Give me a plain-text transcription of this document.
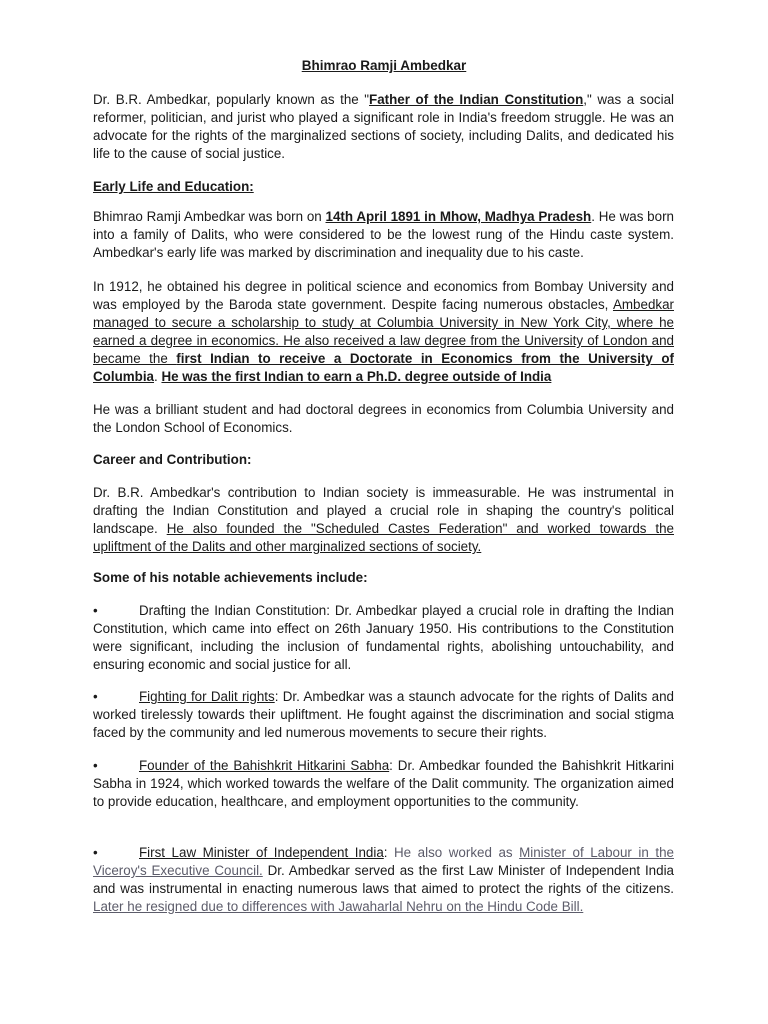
Bhimrao Ramji Ambedkar
Dr. B.R. Ambedkar, popularly known as the "Father of the Indian Constitution," was a social reformer, politician, and jurist who played a significant role in India's freedom struggle. He was an advocate for the rights of the marginalized sections of society, including Dalits, and dedicated his life to the cause of social justice.
Early Life and Education:
Bhimrao Ramji Ambedkar was born on 14th April 1891 in Mhow, Madhya Pradesh. He was born into a family of Dalits, who were considered to be the lowest rung of the Hindu caste system. Ambedkar's early life was marked by discrimination and inequality due to his caste.
In 1912, he obtained his degree in political science and economics from Bombay University and was employed by the Baroda state government. Despite facing numerous obstacles, Ambedkar managed to secure a scholarship to study at Columbia University in New York City, where he earned a degree in economics. He also received a law degree from the University of London and became the first Indian to receive a Doctorate in Economics from the University of Columbia. He was the first Indian to earn a Ph.D. degree outside of India
He was a brilliant student and had doctoral degrees in economics from Columbia University and the London School of Economics.
Career and Contribution:
Dr. B.R. Ambedkar's contribution to Indian society is immeasurable. He was instrumental in drafting the Indian Constitution and played a crucial role in shaping the country's political landscape. He also founded the "Scheduled Castes Federation" and worked towards the upliftment of the Dalits and other marginalized sections of society.
Some of his notable achievements include:
•	Drafting the Indian Constitution: Dr. Ambedkar played a crucial role in drafting the Indian Constitution, which came into effect on 26th January 1950. His contributions to the Constitution were significant, including the inclusion of fundamental rights, abolishing untouchability, and ensuring economic and social justice for all.
•	Fighting for Dalit rights: Dr. Ambedkar was a staunch advocate for the rights of Dalits and worked tirelessly towards their upliftment. He fought against the discrimination and social stigma faced by the community and led numerous movements to secure their rights.
•	Founder of the Bahishkrit Hitkarini Sabha: Dr. Ambedkar founded the Bahishkrit Hitkarini Sabha in 1924, which worked towards the welfare of the Dalit community. The organization aimed to provide education, healthcare, and employment opportunities to the community.
•	First Law Minister of Independent India: He also worked as Minister of Labour in the Viceroy's Executive Council. Dr. Ambedkar served as the first Law Minister of Independent India and was instrumental in enacting numerous laws that aimed to protect the rights of the citizens. Later he resigned due to differences with Jawaharlal Nehru on the Hindu Code Bill.
